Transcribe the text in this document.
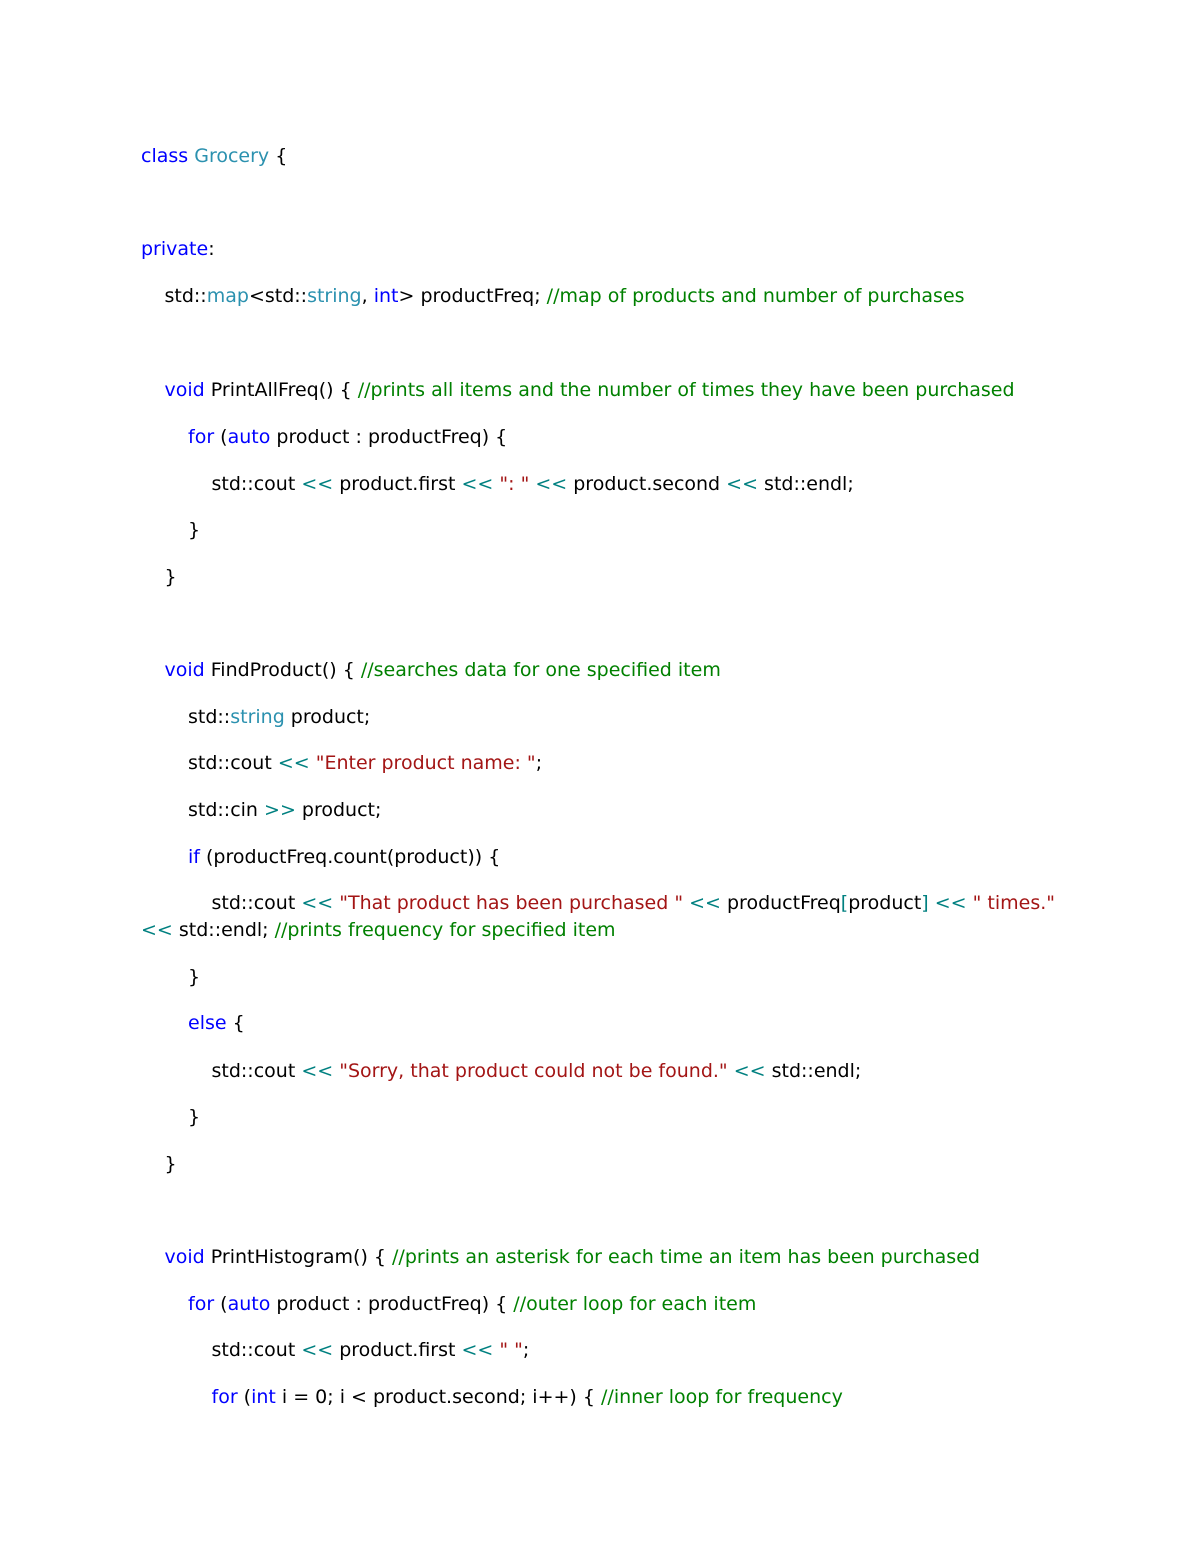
class Grocery {
private:
std::map<std::string, int> productFreq; //map of products and number of purchases
void PrintAllFreq() { //prints all items and the number of times they have been purchased
for (auto product : productFreq) {
std::cout << product.first << ": " << product.second << std::endl;
}
}
void FindProduct() { //searches data for one specified item
std::string product;
std::cout << "Enter product name: ";
std::cin >> product;
if (productFreq.count(product)) {
std::cout << "That product has been purchased " << productFreq[product] << " times."
<< std::endl; //prints frequency for specified item
}
else {
std::cout << "Sorry, that product could not be found." << std::endl;
}
}
void PrintHistogram() { //prints an asterisk for each time an item has been purchased
for (auto product : productFreq) { //outer loop for each item
std::cout << product.first << " ";
for (int i = 0; i < product.second; i++) { //inner loop for frequency
